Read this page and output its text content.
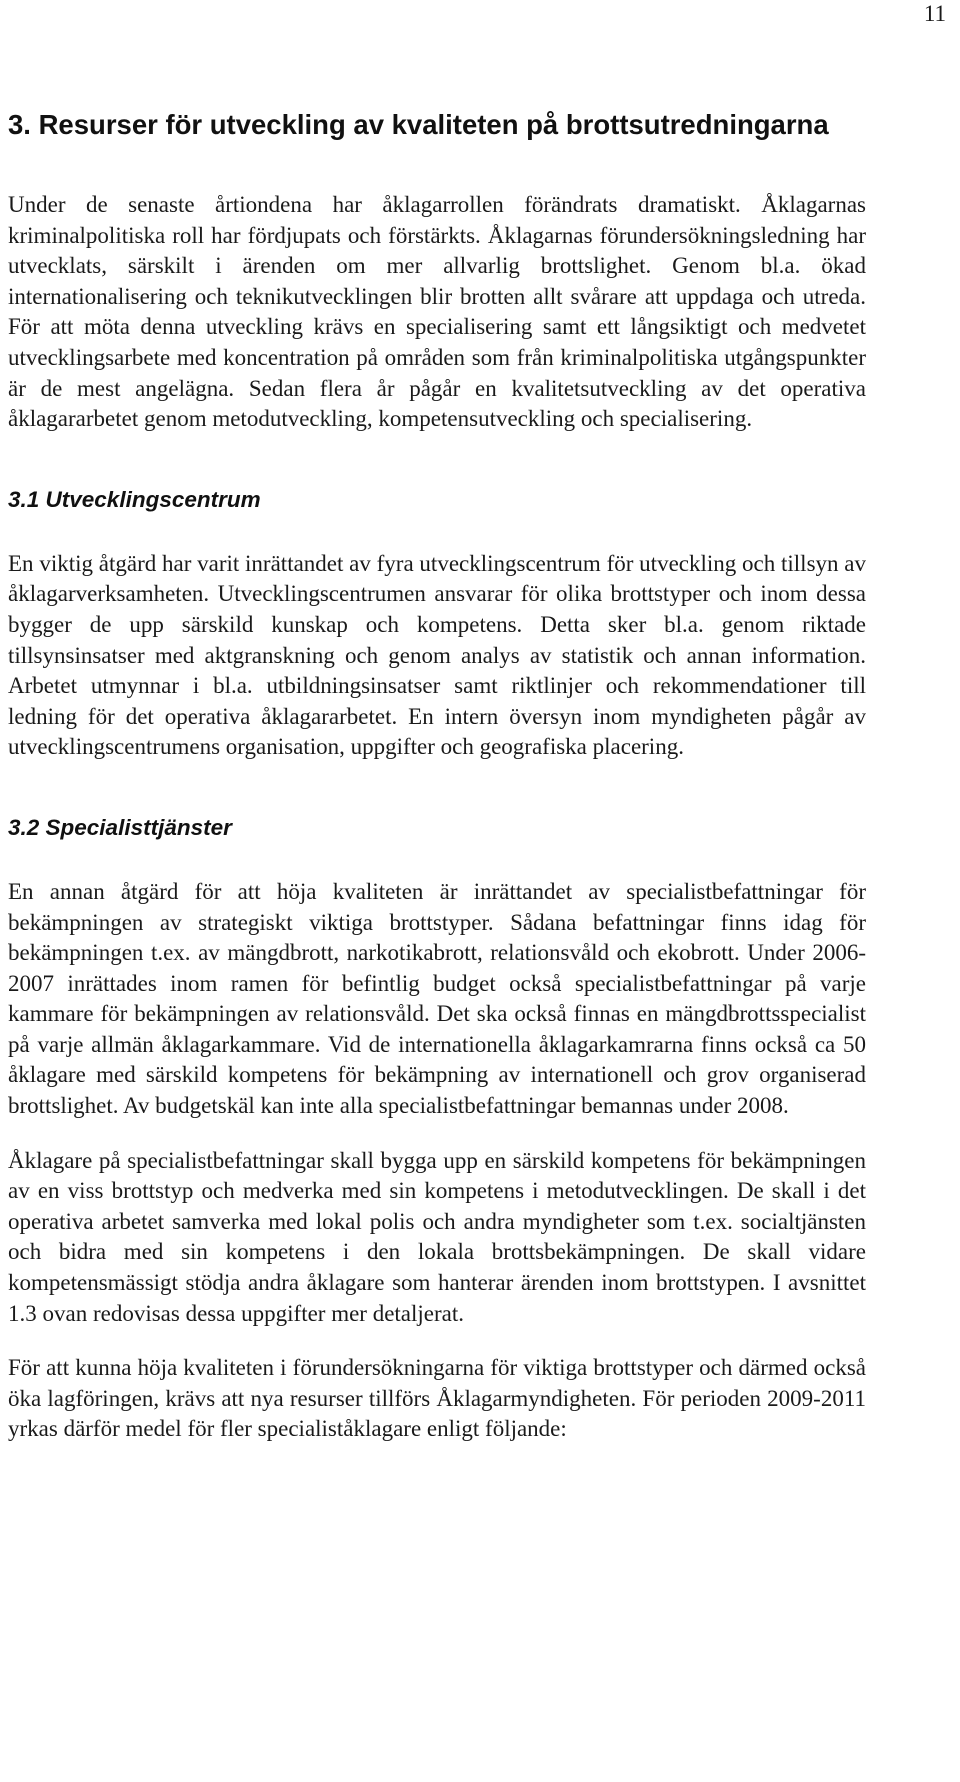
11
3. Resurser för utveckling av kvaliteten på brottsutredningarna

Under de senaste årtiondena har åklagarrollen förändrats dramatiskt. Åklagarnas kriminalpolitiska roll har fördjupats och förstärkts. Åklagarnas förundersökningsledning har utvecklats, särskilt i ärenden om mer allvarlig brottslighet. Genom bl.a. ökad internationalisering och teknikutvecklingen blir brotten allt svårare att uppdaga och utreda. För att möta denna utveckling krävs en specialisering samt ett långsiktigt och medvetet utvecklingsarbete med koncentration på områden som från kriminalpolitiska utgångspunkter är de mest angelägna. Sedan flera år pågår en kvalitetsutveckling av det operativa åklagararbetet genom metodutveckling, kompetensutveckling och specialisering.

3.1 Utvecklingscentrum

En viktig åtgärd har varit inrättandet av fyra utvecklingscentrum för utveckling och tillsyn av åklagarverksamheten. Utvecklingscentrumen ansvarar för olika brottstyper och inom dessa bygger de upp särskild kunskap och kompetens. Detta sker bl.a. genom riktade tillsynsinsatser med aktgranskning och genom analys av statistik och annan information. Arbetet utmynnar i bl.a. utbildningsinsatser samt riktlinjer och rekommendationer till ledning för det operativa åklagararbetet. En intern översyn inom myndigheten pågår av utvecklingscentrumens organisation, uppgifter och geografiska placering.

3.2 Specialisttjänster

En annan åtgärd för att höja kvaliteten är inrättandet av specialistbefattningar för bekämpningen av strategiskt viktiga brottstyper. Sådana befattningar finns idag för bekämpningen t.ex. av mängdbrott, narkotikabrott, relationsvåld och ekobrott. Under 2006-2007 inrättades inom ramen för befintlig budget också specialistbefattningar på varje kammare för bekämpningen av relationsvåld. Det ska också finnas en mängdbrottsspecialist på varje allmän åklagarkammare. Vid de internationella åklagarkamrarna finns också ca 50 åklagare med särskild kompetens för bekämpning av internationell och grov organiserad brottslighet. Av budgetskäl kan inte alla specialistbefattningar bemannas under 2008.

Åklagare på specialistbefattningar skall bygga upp en särskild kompetens för bekämpningen av en viss brottstyp och medverka med sin kompetens i metodutvecklingen. De skall i det operativa arbetet samverka med lokal polis och andra myndigheter som t.ex. socialtjänsten och bidra med sin kompetens i den lokala brottsbekämpningen. De skall vidare kompetensmässigt stödja andra åklagare som hanterar ärenden inom brottstypen. I avsnittet 1.3 ovan redovisas dessa uppgifter mer detaljerat.

För att kunna höja kvaliteten i förundersökningarna för viktiga brottstyper och därmed också öka lagföringen, krävs att nya resurser tillförs Åklagarmyndigheten. För perioden 2009-2011 yrkas därför medel för fler specialiståklagare enligt följande:
